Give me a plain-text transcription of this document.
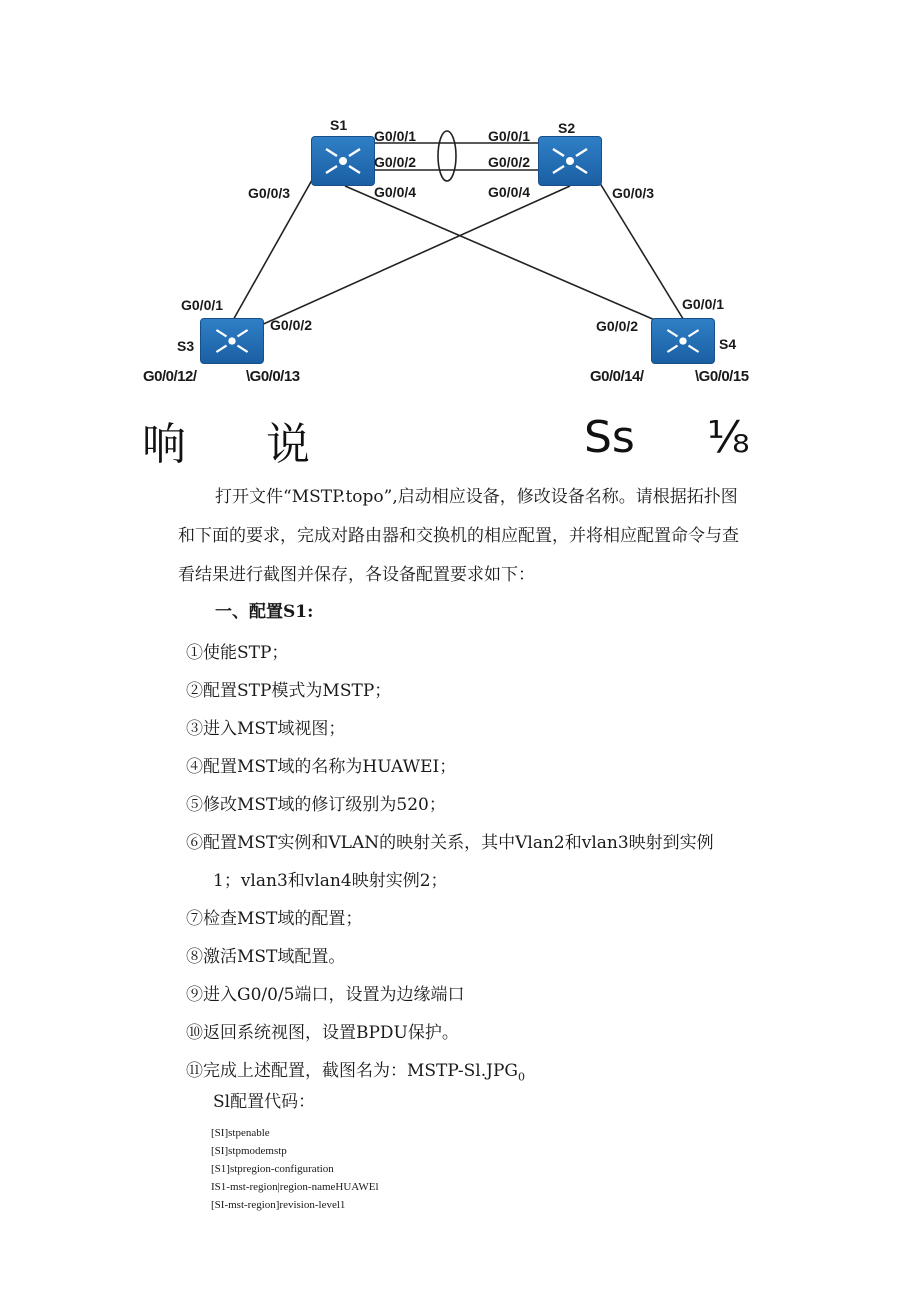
S1	S2
S3	S4
G0/0/1
G0/0/2
G0/0/4
G0/0/3
G0/0/1
G0/0/2
G0/0/4	G0/0/3
G0/0/1
G0/0/2
G0/0/1
G0/0/2
G0/0/12/	\G0/0/13	G0/0/14/	\G0/0/15
响 说	Ss ⅛
打开文件“MSTP.topo”,启动相应设备，修改设备名称。请根据拓扑图
和下面的要求，完成对路由器和交换机的相应配置，并将相应配置命令与查
看结果进行截图并保存，各设备配置要求如下：
一、配置S1:
①使能STP；
②配置STP模式为MSTP；
③进入MST域视图；
④配置MST域的名称为HUAWEI；
⑤修改MST域的修订级别为520；
⑥配置MST实例和VLAN的映射关系，其中Vlan2和vlan3映射到实例
1；vlan3和vlan4映射实例2；
⑦检查MST域的配置；
⑧激活MST域配置。
⑨进入G0/0/5端口，设置为边缘端口
⑩返回系统视图，设置BPDU保护。
⑪完成上述配置，截图名为：MSTP-$Sl.JPG_0$
Sl配置代码：
[SI]stpenable
[SI]stpmodemstp
[S1]stpregion-configuration
IS1-mst-region|region-nameHUAWEl
[SI-mst-region]revision-level1
